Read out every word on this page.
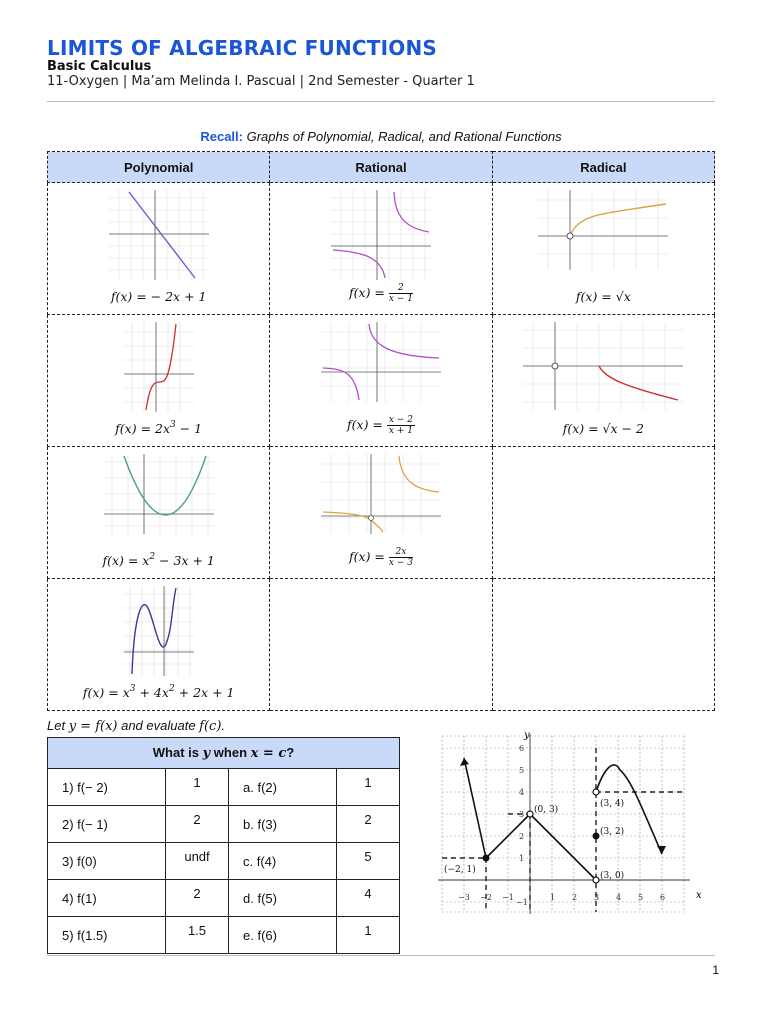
LIMITS OF ALGEBRAIC FUNCTIONS
Basic Calculus
11-Oxygen | Ma’am Melinda I. Pascual | 2nd Semester - Quarter 1
Recall: Graphs of Polynomial, Radical, and Rational Functions
Polynomial	Rational	Radical

f(x) = − 2x + 1	$f(x) = \frac{2}{x - 1}$	f(x) = √x

$f(x) = 2x^3 - 1$	$f(x) = \frac{x - 2}{x + 1}$	f(x) = √x − 2

$f(x) = x^2 - 3x + 1$	$f(x) = \frac{2x}{x - 3}$

$f(x) = x^3 + 4x^2 + 2x + 1$		

Let y = f(x) and evaluate f(c).
What is y when x = c?			
1) f(− 2)	1	a. f(2)	1
2) f(− 1)	2	b. f(3)	2
3) f(0)	undf	c. f(4)	5
4) f(1)	2	d. f(5)	4
5) f(1.5)	1.5	e. f(6)	1
y
x
−3 −2 −1	1 2 3 4 5 6
6
5
4
3
2
1
−1
(−2, 1)
(0, 3)
(3, 4)
(3, 2)
(3, 0)
1
